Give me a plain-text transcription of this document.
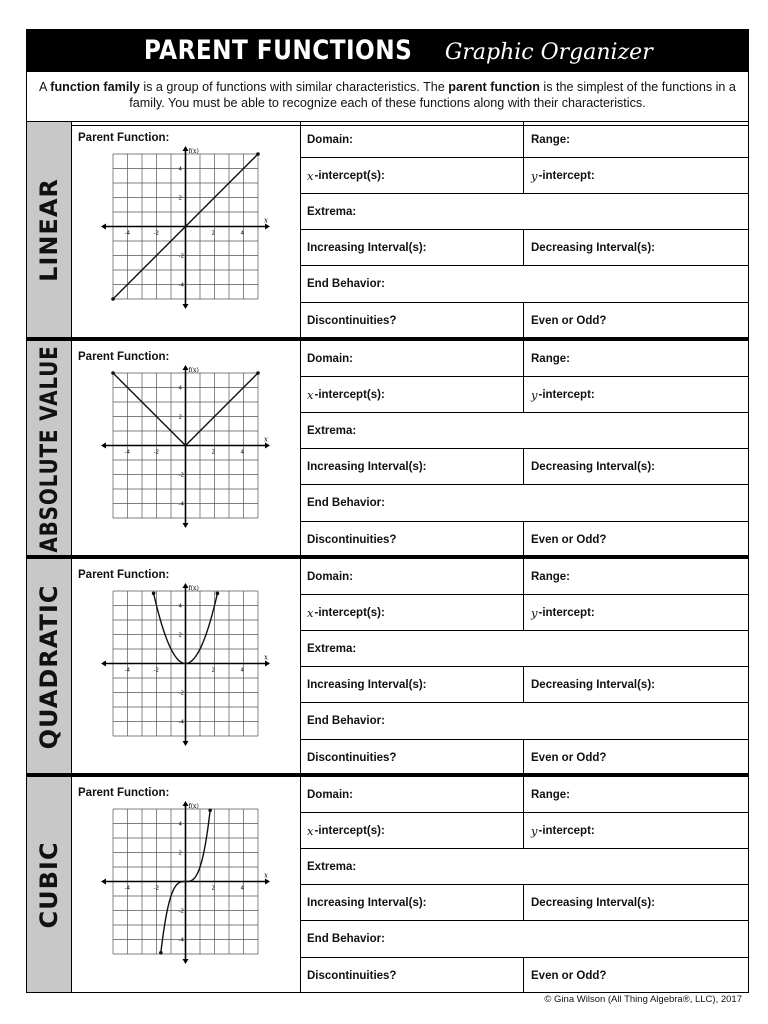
PARENT FUNCTIONS Graphic Organizer
A function family is a group of functions with similar characteristics. The parent function is the simplest of the functions in a family. You must be able to recognize each of these functions along with their characteristics.
LINEAR
Parent Function:
x
f(x)
-4
-4
-2
-2
2
2
4
4
Domain:	Range:
x -intercept(s):	y -intercept:
Extrema:
Increasing Interval(s):	Decreasing Interval(s):
End Behavior:
Discontinuities?	Even or Odd?
ABSOLUTE VALUE Parent Function:
x
f(x)
-4
-4
-2
-2
2
2
4
4
Domain:	Range:
x -intercept(s):	y -intercept:
Extrema:
Increasing Interval(s):	Decreasing Interval(s):
End Behavior:
Discontinuities?	Even or Odd?
QUADRATIC
Parent Function:
x
f(x)
-4
-4
-2
-2
2
2
4
4
Domain:	Range:
x -intercept(s):	y -intercept:
Extrema:
Increasing Interval(s):	Decreasing Interval(s):
End Behavior:
Discontinuities?	Even or Odd?
CUBIC
Parent Function:
x
f(x)
-4
-4
-2
-2
2
2
4
4
Domain:	Range:
x -intercept(s):	y -intercept:
Extrema:
Increasing Interval(s):	Decreasing Interval(s):
End Behavior:
Discontinuities?	Even or Odd?
© Gina Wilson (All Thing Algebra®, LLC), 2017
